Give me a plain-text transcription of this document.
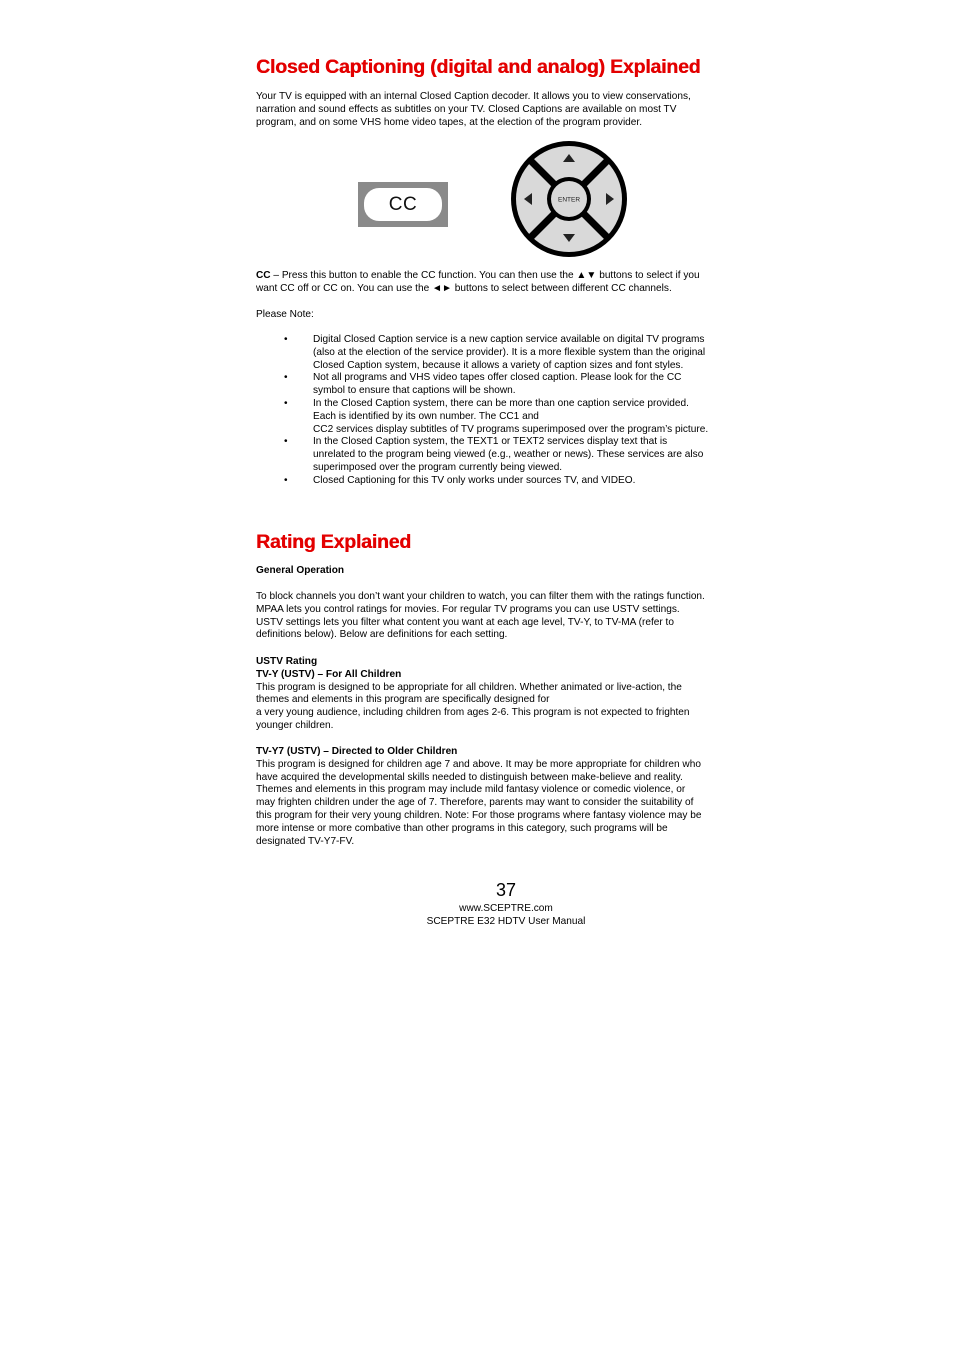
Closed Captioning (digital and analog) Explained

Your TV is equipped with an internal Closed Caption decoder. It allows you to view conservations,

narration and sound effects as subtitles on your TV. Closed Captions are available on most TV

program, and on some VHS home video tapes, at the election of the program provider.

CC – Press this button to enable the CC function. You can then use the ▲▼ buttons to select if you

want CC off or CC on. You can use the ◄► buttons to select between different CC channels.

Please Note:
•	Digital Closed Caption service is a new caption service available on digital TV programs
(also at the election of the service provider). It is a more flexible system than the original
Closed Caption system, because it allows a variety of caption sizes and font styles.
•	Not all programs and VHS video tapes offer closed caption. Please look for the CC
symbol to ensure that captions will be shown.
•	In the Closed Caption system, there can be more than one caption service provided.
Each is identified by its own number. The CC1 and
CC2 services display subtitles of TV programs superimposed over the program’s picture.
•	In the Closed Caption system, the TEXT1 or TEXT2 services display text that is
unrelated to the program being viewed (e.g., weather or news). These services are also
superimposed over the program currently being viewed.
•	Closed Captioning for this TV only works under sources TV, and VIDEO.
Rating Explained
General Operation

To block channels you don’t want your children to watch, you can filter them with the ratings function.

MPAA lets you control ratings for movies. For regular TV programs you can use USTV settings.

USTV settings lets you filter what content you want at each age level, TV-Y, to TV-MA (refer to

definitions below). Below are definitions for each setting.

USTV Rating

TV-Y (USTV) – For All Children

This program is designed to be appropriate for all children. Whether animated or live-action, the

themes and elements in this program are specifically designed for

a very young audience, including children from ages 2-6. This program is not expected to frighten

younger children.

TV-Y7 (USTV) – Directed to Older Children

This program is designed for children age 7 and above. It may be more appropriate for children who

have acquired the developmental skills needed to distinguish between make-believe and reality.

Themes and elements in this program may include mild fantasy violence or comedic violence, or

may frighten children under the age of 7. Therefore, parents may want to consider the suitability of

this program for their very young children. Note: For those programs where fantasy violence may be

more intense or more combative than other programs in this category, such programs will be

designated TV-Y7-FV.

CC	ENTER
37
www.SCEPTRE.com
SCEPTRE E32 HDTV User Manual
